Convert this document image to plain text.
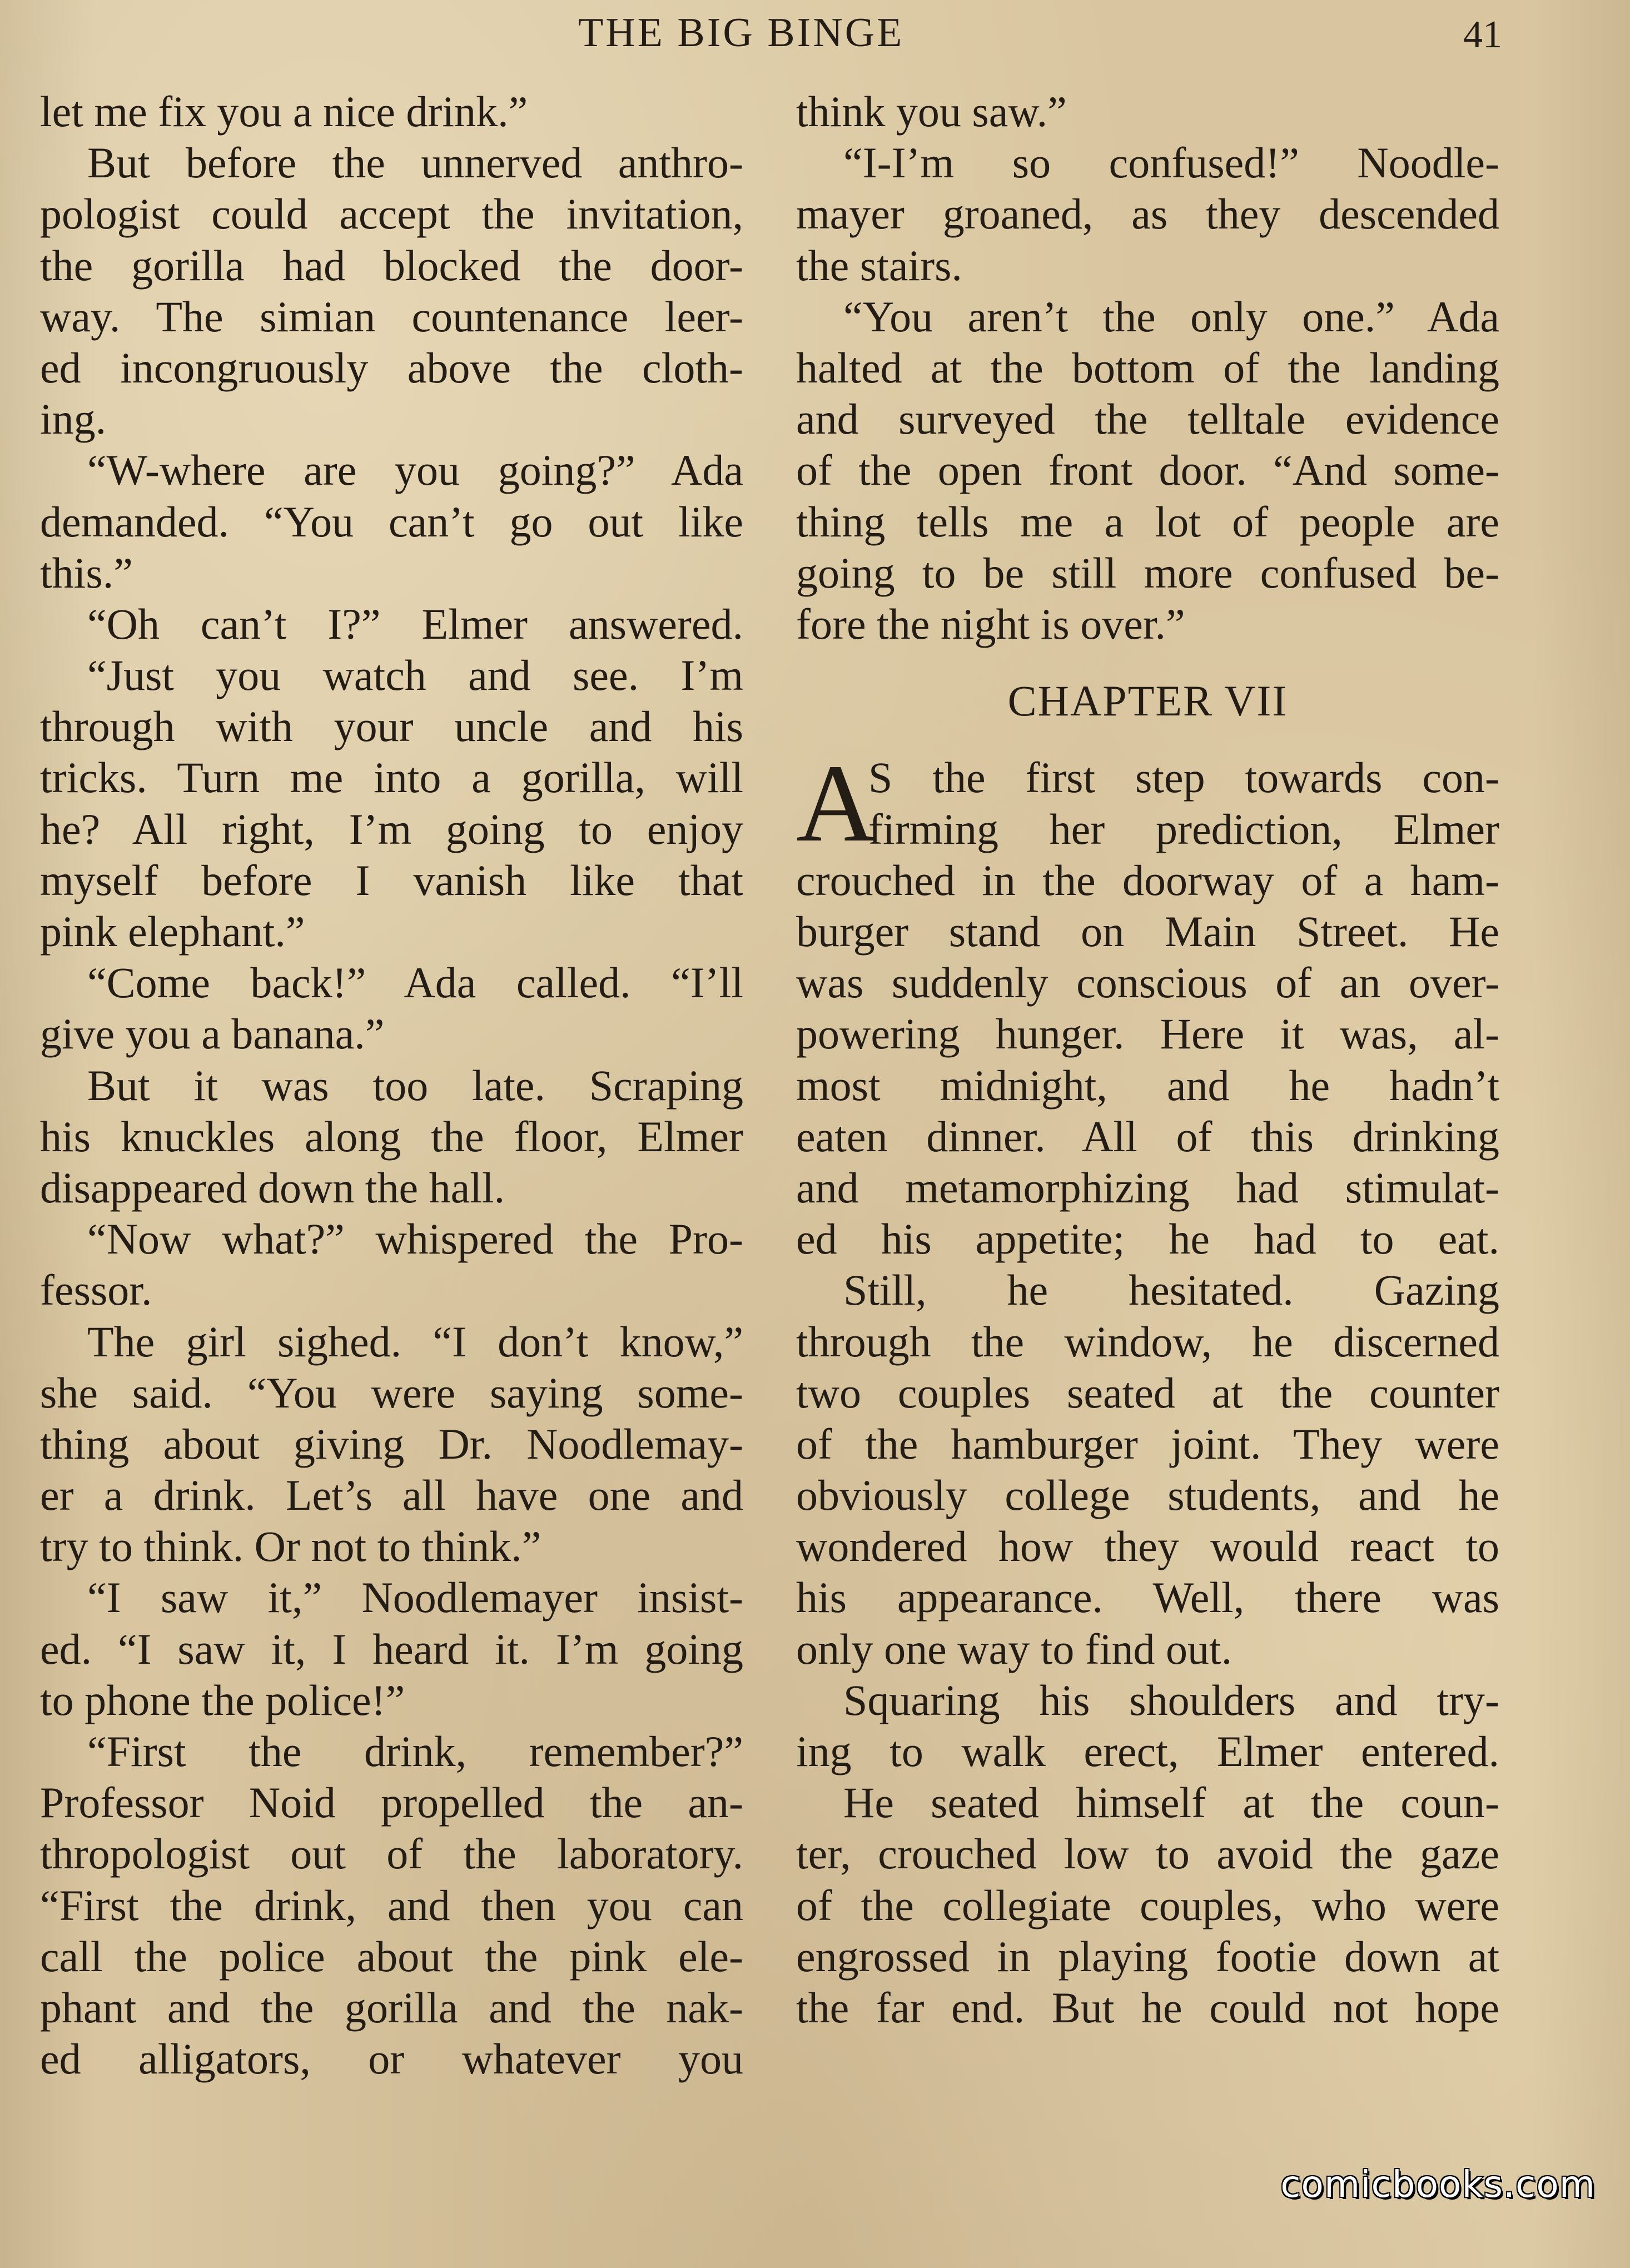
THE BIG BINGE	41
let me fix you a nice drink.”
But before the unnerved anthro-
pologist could accept the invitation,
the gorilla had blocked the door-
way. The simian countenance leer-
ed incongruously above the cloth-
ing.
“W-where are you going?” Ada
demanded. “You can’t go out like
this.”
“Oh can’t I?” Elmer answered.
“Just you watch and see. I’m
through with your uncle and his
tricks. Turn me into a gorilla, will
he? All right, I’m going to enjoy
myself before I vanish like that
pink elephant.”
“Come back!” Ada called. “I’ll
give you a banana.”
But it was too late. Scraping
his knuckles along the floor, Elmer
disappeared down the hall.
“Now what?” whispered the Pro-
fessor.
The girl sighed. “I don’t know,”
she said. “You were saying some-
thing about giving Dr. Noodlemay-
er a drink. Let’s all have one and
try to think. Or not to think.”
“I saw it,” Noodlemayer insist-
ed. “I saw it, I heard it. I’m going
to phone the police!”
“First the drink, remember?”
Professor Noid propelled the an-
thropologist out of the laboratory.
“First the drink, and then you can
call the police about the pink ele-
phant and the gorilla and the nak-
ed alligators, or whatever you
think you saw.”
“I-I’m so confused!” Noodle-
mayer groaned, as they descended
the stairs.
“You aren’t the only one.” Ada
halted at the bottom of the landing
and surveyed the telltale evidence
of the open front door. “And some-
thing tells me a lot of people are
going to be still more confused be-
fore the night is over.”
CHAPTER VII
A
S the first step towards con-
firming her prediction, Elmer
crouched in the doorway of a ham-
burger stand on Main Street. He
was suddenly conscious of an over-
powering hunger. Here it was, al-
most midnight, and he hadn’t
eaten dinner. All of this drinking
and metamorphizing had stimulat-
ed his appetite; he had to eat.
Still, he hesitated. Gazing
through the window, he discerned
two couples seated at the counter
of the hamburger joint. They were
obviously college students, and he
wondered how they would react to
his appearance. Well, there was
only one way to find out.
Squaring his shoulders and try-
ing to walk erect, Elmer entered.
He seated himself at the coun-
ter, crouched low to avoid the gaze
of the collegiate couples, who were
engrossed in playing footie down at
the far end. But he could not hope
comicbooks.com
